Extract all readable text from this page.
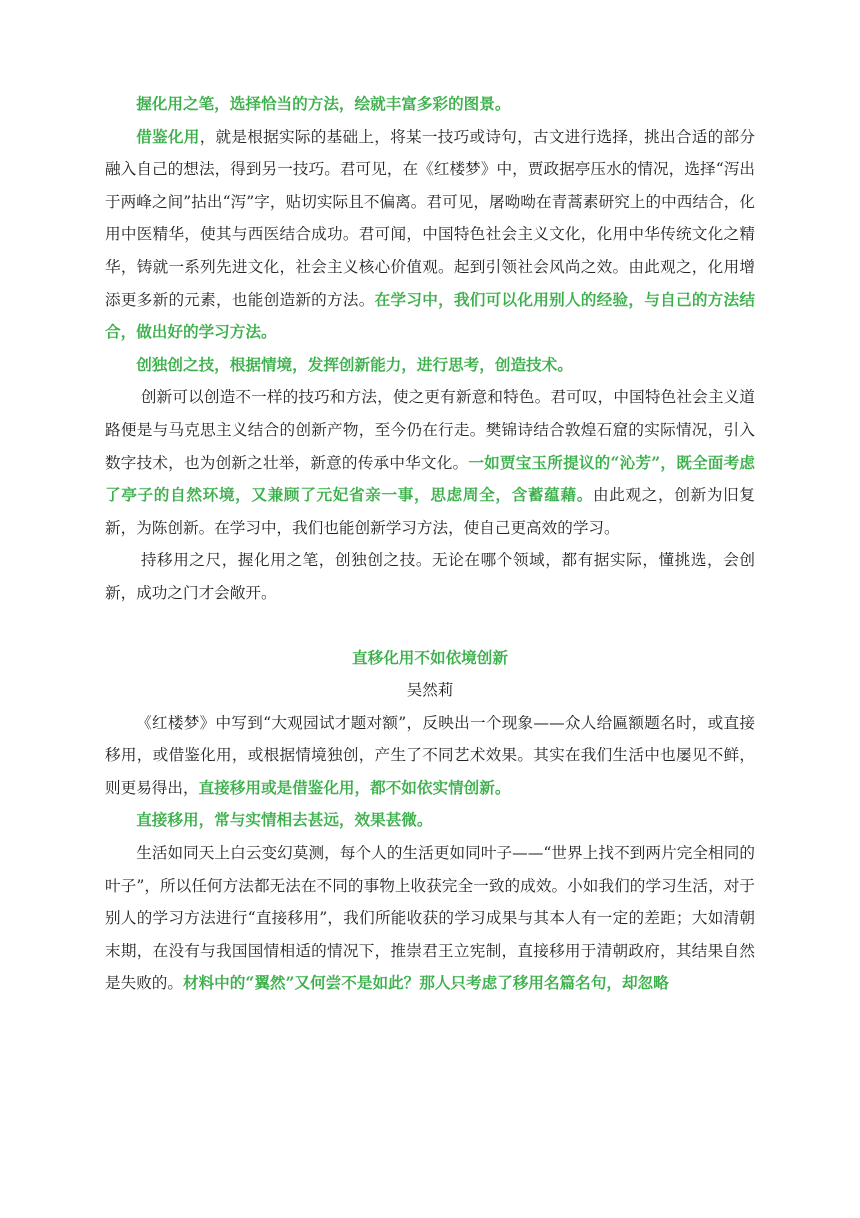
握化用之笔，选择恰当的方法，绘就丰富多彩的图景。

借鉴化用，就是根据实际的基础上，将某一技巧或诗句，古文进行选择，挑出合适的部分融入自己的想法，得到另一技巧。君可见，在《红楼梦》中，贾政据亭压水的情况，选择“泻出于两峰之间”拈出“泻”字，贴切实际且不偏离。君可见，屠呦呦在青蒿素研究上的中西结合，化用中医精华，使其与西医结合成功。君可闻，中国特色社会主义文化，化用中华传统文化之精华，铸就一系列先进文化，社会主义核心价值观。起到引领社会风尚之效。由此观之，化用增添更多新的元素，也能创造新的方法。在学习中，我们可以化用别人的经验，与自己的方法结合，做出好的学习方法。

创独创之技，根据情境，发挥创新能力，进行思考，创造技术。

创新可以创造不一样的技巧和方法，使之更有新意和特色。君可叹，中国特色社会主义道路便是与马克思主义结合的创新产物，至今仍在行走。樊锦诗结合敦煌石窟的实际情况，引入数字技术，也为创新之壮举，新意的传承中华文化。一如贾宝玉所提议的“沁芳”，既全面考虑了亭子的自然环境，又兼顾了元妃省亲一事，思虑周全，含蓄蕴藉。由此观之，创新为旧复新，为陈创新。在学习中，我们也能创新学习方法，使自己更高效的学习。

持移用之尺，握化用之笔，创独创之技。无论在哪个领域，都有据实际，懂挑选，会创新，成功之门才会敞开。

直移化用不如依境创新

吴然莉

《红楼梦》中写到“大观园试才题对额”，反映出一个现象——众人给匾额题名时，或直接移用，或借鉴化用，或根据情境独创，产生了不同艺术效果。其实在我们生活中也屡见不鲜，则更易得出，直接移用或是借鉴化用，都不如依实情创新。

直接移用，常与实情相去甚远，效果甚微。

生活如同天上白云变幻莫测，每个人的生活更如同叶子——“世界上找不到两片完全相同的叶子”，所以任何方法都无法在不同的事物上收获完全一致的成效。小如我们的学习生活，对于别人的学习方法进行“直接移用”，我们所能收获的学习成果与其本人有一定的差距；大如清朝末期，在没有与我国国情相适的情况下，推崇君王立宪制，直接移用于清朝政府，其结果自然是失败的。材料中的“翼然”又何尝不是如此？那人只考虑了移用名篇名句，却忽略
